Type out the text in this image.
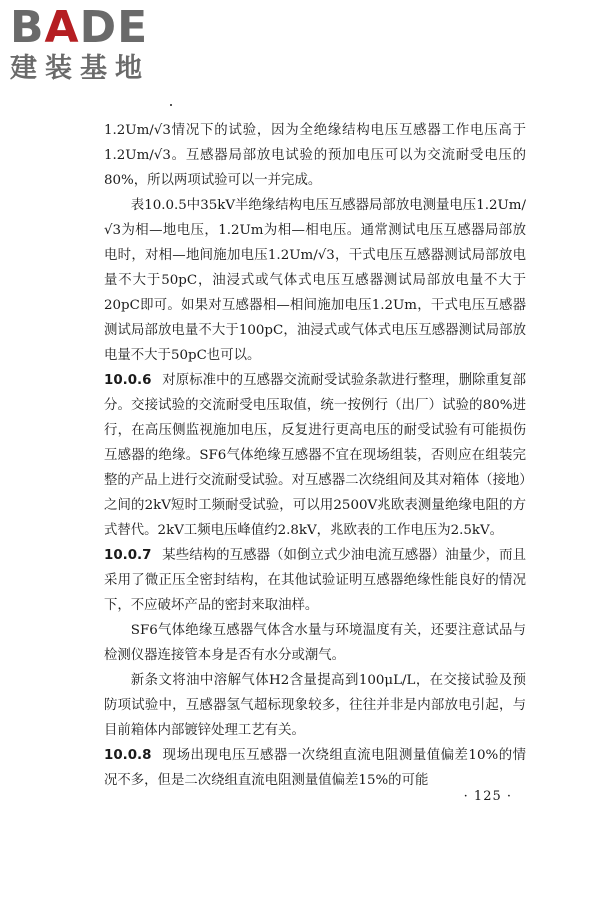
BADE
建装基地

1.2Um/√3情况下的试验，因为全绝缘结构电压互感器工作电压高于1.2Um/√3。互感器局部放电试验的预加电压可以为交流耐受电压的80%，所以两项试验可以一并完成。

表10.0.5中35kV半绝缘结构电压互感器局部放电测量电压1.2Um/√3为相—地电压，1.2Um为相—相电压。通常测试电压互感器局部放电时，对相—地间施加电压1.2Um/√3，干式电压互感器测试局部放电量不大于50pC，油浸式或气体式电压互感器测试局部放电量不大于20pC即可。如果对互感器相—相间施加电压1.2Um，干式电压互感器测试局部放电量不大于100pC，油浸式或气体式电压互感器测试局部放电量不大于50pC也可以。

10.0.6 对原标准中的互感器交流耐受试验条款进行整理，删除重复部分。交接试验的交流耐受电压取值，统一按例行（出厂）试验的80%进行，在高压侧监视施加电压，反复进行更高电压的耐受试验有可能损伤互感器的绝缘。SF6气体绝缘互感器不宜在现场组装，否则应在组装完整的产品上进行交流耐受试验。对互感器二次绕组间及其对箱体（接地）之间的2kV短时工频耐受试验，可以用2500V兆欧表测量绝缘电阻的方式替代。2kV工频电压峰值约2.8kV，兆欧表的工作电压为2.5kV。

10.0.7 某些结构的互感器（如倒立式少油电流互感器）油量少，而且采用了微正压全密封结构，在其他试验证明互感器绝缘性能良好的情况下，不应破坏产品的密封来取油样。

SF6气体绝缘互感器气体含水量与环境温度有关，还要注意试品与检测仪器连接管本身是否有水分或潮气。

新条文将油中溶解气体H2含量提高到100μL/L，在交接试验及预防项试验中，互感器氢气超标现象较多，往往并非是内部放电引起，与目前箱体内部镀锌处理工艺有关。

10.0.8 现场出现电压互感器一次绕组直流电阻测量值偏差10%的情况不多，但是二次绕组直流电阻测量值偏差15%的可能

· 125 ·
